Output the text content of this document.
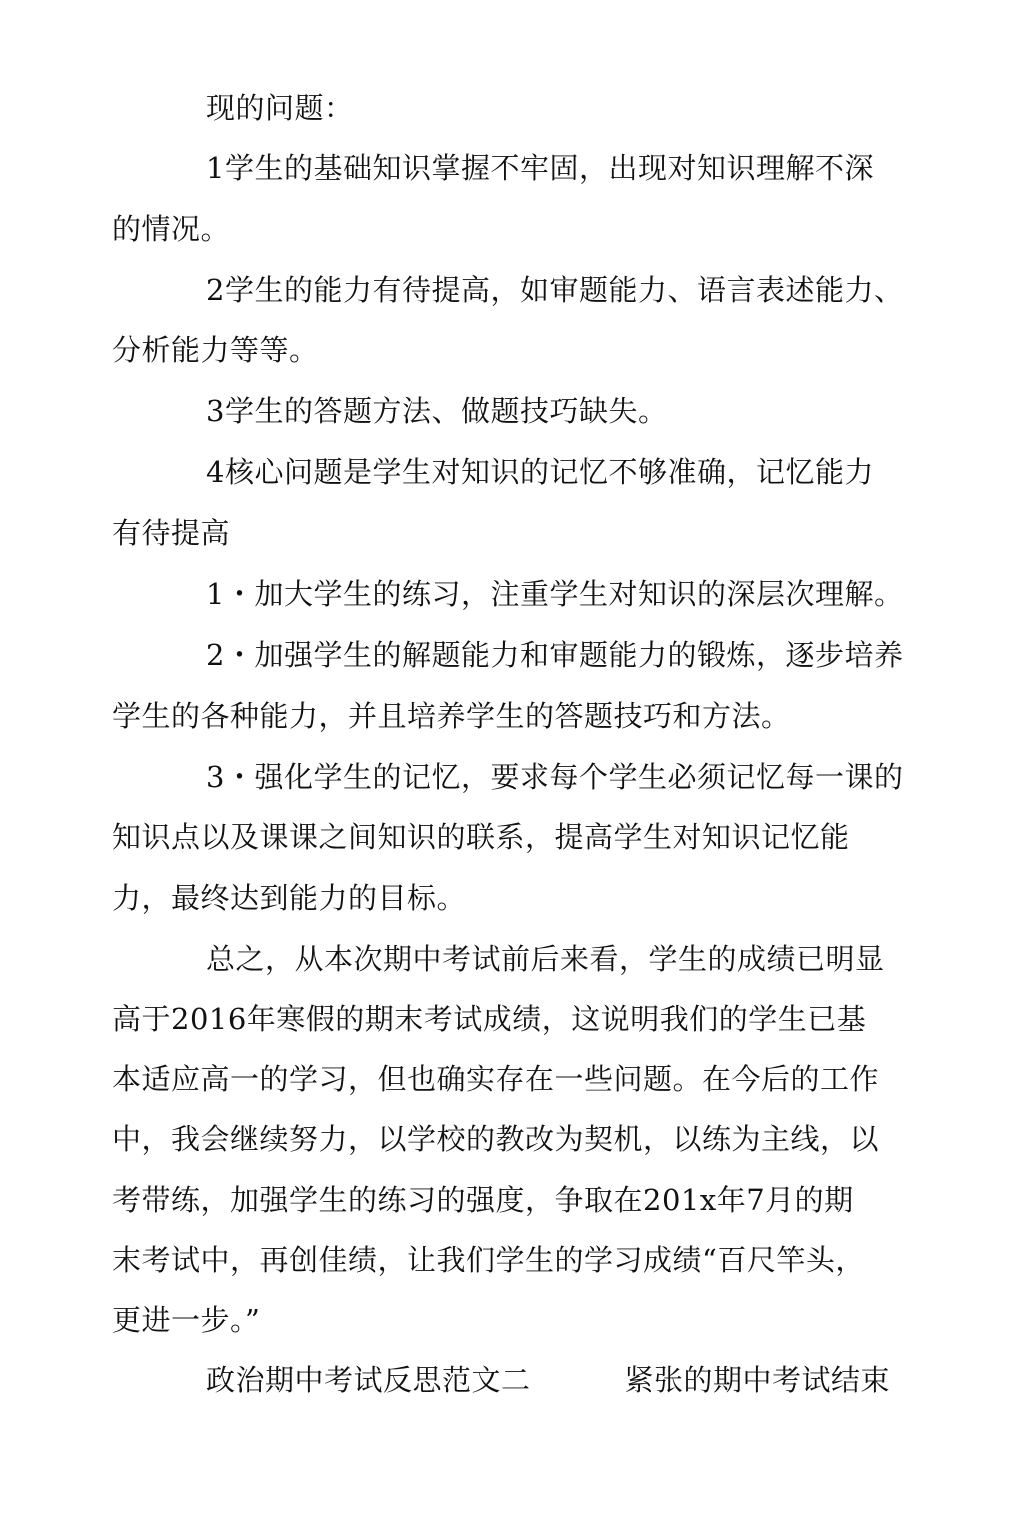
现的问题：
1学生的基础知识掌握不牢固，出现对知识理解不深
的情况。
2学生的能力有待提高，如审题能力、语言表述能力、
分析能力等等。
3学生的答题方法、做题技巧缺失。
4核心问题是学生对知识的记忆不够准确，记忆能力
有待提高
1・加大学生的练习，注重学生对知识的深层次理解。
2・加强学生的解题能力和审题能力的锻炼，逐步培养
学生的各种能力，并且培养学生的答题技巧和方法。
3・强化学生的记忆，要求每个学生必须记忆每一课的
知识点以及课课之间知识的联系，提高学生对知识记忆能
力，最终达到能力的目标。
总之，从本次期中考试前后来看，学生的成绩已明显
高于2016年寒假的期末考试成绩，这说明我们的学生已基
本适应高一的学习，但也确实存在一些问题。在今后的工作
中，我会继续努力，以学校的教改为契机，以练为主线，以
考带练，加强学生的练习的强度，争取在201x年7月的期
末考试中，再创佳绩，让我们学生的学习成绩“百尺竿头，
更进一步。”
政治期中考试反思范文二	紧张的期中考试结束
